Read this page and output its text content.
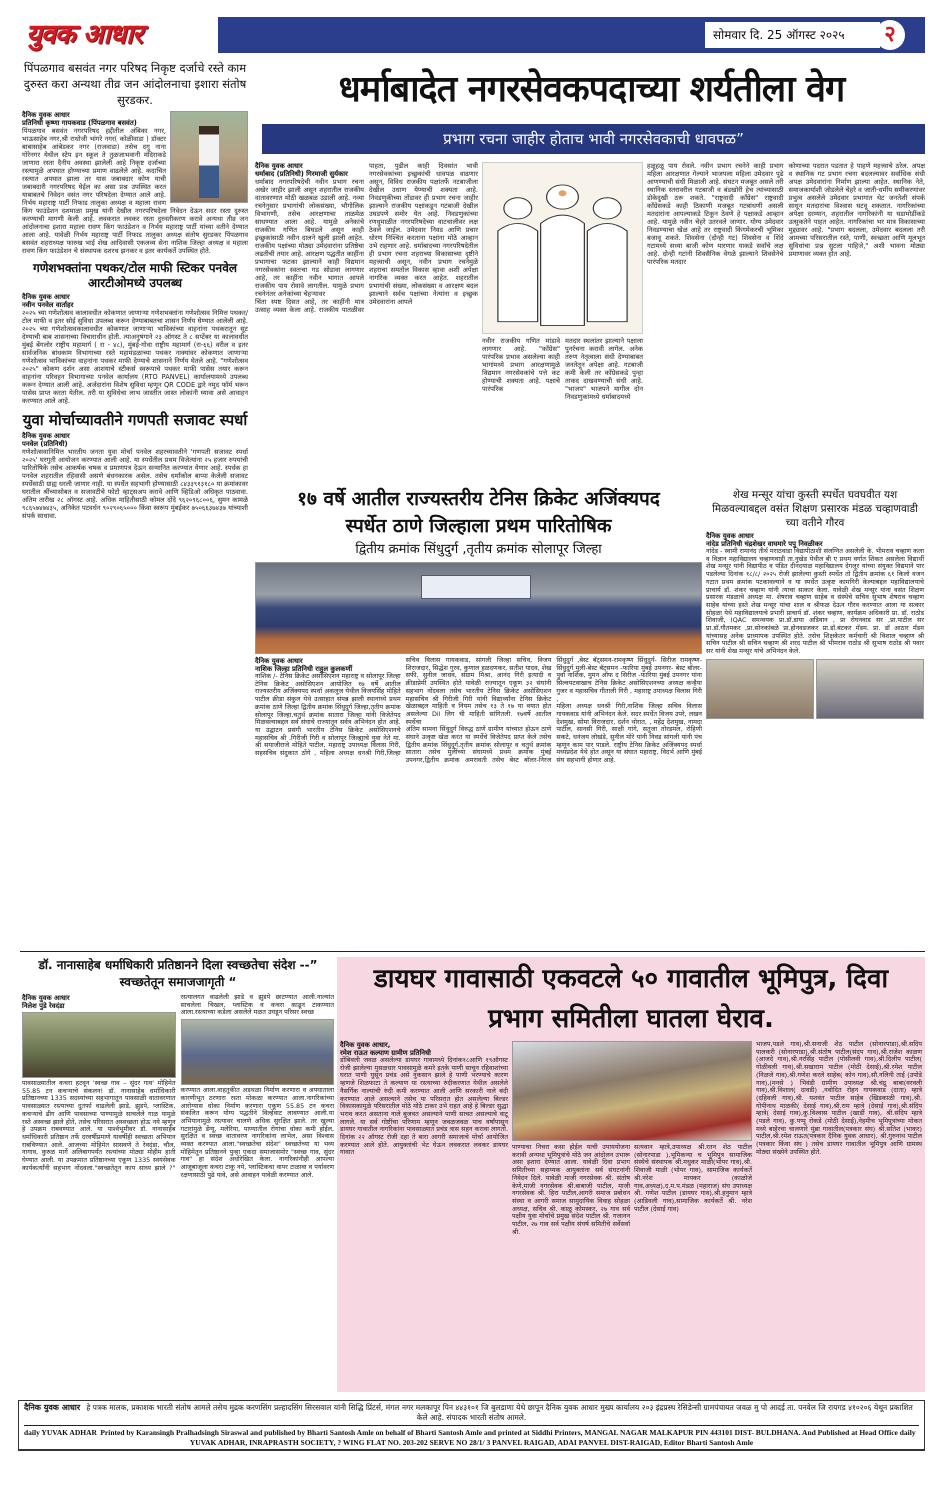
युवक आधार	सोमवार दि. 25 ऑगस्ट २०२५	२
पिंपळगाव बसवंत नगर परिषद निकृष्ट दर्जाचे रस्ते काम दुरुस्त करा अन्यथा तीव्र जन आंदोलनाचा इशारा संतोष सुरडकर.
दैनिक युवक आधार
प्रतिनिधी कृष्णा गायकवाड (पिंपळगाव बसवंत)
पिंपळगाव बसवंत नगरपरिषद हद्दीतील अंबिका नगर, भाऊसाहेब नगर,श्री राधोजी भांगरे नगर( कोळीवाडा ) डॉक्टर बाबासाहेब आंबेडकर नगर (राजवाडा) तसेच दगु नाना गोरेनगर येथील स्टेप इन स्कूल ते तुळजाभवानी मंदिराकडे जाणारा रस्ता दैनीय अवस्था झालेली आहे निकृष्ट दर्जाच्या रस्त्यामुळे अपघात होण्याच्या प्रमाण वाढलेले आहे. कदाचित रस्त्यात अपघात झाला तर यास जबाबदार कोण याची जबाबदारी नगरपरिषद घेईल का असा प्रश्न उपस्थित करत याबाबतचे निवेदन वसंत नगर परिषदेला देण्यात आले आहे. निर्भय महाराष्ट्र पार्टी निफाड तालुका अध्यक्ष व महाला रावण किंग फाउंडेशन दशमाळा प्रमुख यांनी देखील नगरपरिषदेला निवेदन देऊन सदर रस्ता दुरुस्त करण्याची मागणी केली आहे. लवकरात लवकर रस्ता दुरुस्तीकरण करावे अन्यथा तीव्र जन आंदोलनाचा इशारा महाला रावण किंग फाउंडेशन व निर्भय महाराष्ट्र पार्टी यांच्या वतीने देण्यात आला आहे. यावेळी निर्भय महाराष्ट्र पार्टी निफाड तालुका अध्यक्ष संतोष सुरडकर पिंपळगाव बसवंत शहराध्यक्ष फारुख भाई शेख आदिवासी एकलव्य सेना नाशिक जिल्हा अध्यक्ष व महाला रावण किंग फाउंडेशन चे संस्थापक दशरथ झनकर व इतर कार्यकर्ते उपस्थित होते.
गणेशभक्तांना पथकर/टोल माफी स्टिकर पनवेल आरटीओमध्ये उपलब्ध
दैनिक युवक आधार
नवीन पनवेल वार्ताहर
२०२५ च्या गणेशोत्सव कालावधीत कोकणात जाणाऱ्या गणेशभक्तांना गणेशोत्सव निमित्त पथकर/टोल माफी व इतर सोई सुविधा उपलब्ध करून देण्याबाबतचा शासन निर्णय घेण्यात आलेली आहे. २०२५ च्या गणेशोत्सवकालावधीत कोकणात जाणाऱ्या भाविकांच्या वाहनांना पथकरातून सूट देण्याची बाब शासनाच्या विचाराधीन होती. त्याअनुषंगाने २३ ऑगस्ट ते ८ सप्टेंबर या कालावधीत मुंबई बेंगलोर राष्ट्रीय महामार्ग ( रा - ४८), मुंबई-गोवा राष्ट्रीय महामार्ग (रा-६६) वरील व इतर सार्वजनिक बांधकाम विभागाच्या रस्ते महामंडळाच्या पथकर नाक्यांवर कोकणात जाणाऱ्या गणेशोत्सव भाविकांच्या वाहनांना पथकर माफी देण्याचे शासनाने निर्णय घेतले आहे. "गणेशोत्सव २०२५" कोकण दर्शन असा आशयाचे स्टीकर्स स्वरूपाचे पथकर माफी पासेस तयार करून वाहनांना परिवहन विभागाच्या पनवेल कार्यालय (RTO PANVEL) कार्यालयामध्ये उपलब्ध करून देण्यात आली आहे. अर्जदारांना विशेष सुविधा म्हणून QR CODE द्वारे नमुद फॉर्म भरून पासेस प्राप्त करता येतील. तरी या सुविधेचा लाभ जास्तीत जास्त लोकांनी घ्यावा असे आवाहन करण्यात आले आहे.
युवा मोर्चाच्यावतीने गणपती सजावट स्पर्धा
दैनिक युवक आधार
पनवेल (प्रतिनिधी)
गणेशोत्सवानिमित्त भारतीय जनता युवा मोर्चा पनवेल शहरच्यावतीने 'गणपती सजावट स्पर्धा २०२५' घरगुती आयोजन करण्यात आली आहे. या स्पर्धेतील प्रथम विजेत्यांना २५ हजार रुपयांची पारितोषिके तसेच आकर्षक चषक व प्रमाणपत्र देऊन सन्मानित करण्यात येणार आहे. स्पर्धक हा पनवेल शहरातील रहिवासी असणे बंधनकारक असेल. तसेच धर्मांकोल बाप्पा केलेली सजावट स्पर्धेसाठी ग्राह्य धरली जाणार नाही. या स्पर्धेत सहभागी होण्यासाठी ८४३३९१३१८० या क्रमांकावर घरातील श्रींच्यासोबत व सजावटीचे फोटो व्हाट्सअप करावे आणि व्हिडिओ अधिकृत पाठवावा. अंतिम तारीख २८ ऑगस्ट आहे. अधिक माहितीसाठी कोमल दोंदे ९६२०९६८००६, सुमन कामळे ९८६५७४७४३५, अनिकेत पटवर्धन ९०२९०६५००० किंवा स्वरूप मुंबईकर ७५०६६३७४३७ यांच्याशी संपर्क साधावा.
धर्माबादेत नगरसेवकपदाच्या शर्यतीला वेग
प्रभाग रचना जाहीर होताच भावी नगरसेवकाची धावपळ”
दैनिक युवक आधार
धर्माबाद (प्रतिनिधी) गिरमाजी सुर्यकार
धर्माबाद नगरपरिषदेची नवीन प्रभाग रचना अखेर जाहीर झाली असून शहरातील राजकीय वातावरणात मोठी खळबळ उडाली आहे. नव्या रचनेनुसार प्रभागांची लोकसंख्या, भौगोलिक विभागणी, तसेच आरक्षणाचा ताळमेळ साधण्यात आला आहे. यामुळे अनेकांचे राजकीय गणित बिघडले असून काही इच्छुकांसाठी नवीन दालने खुली झाली आहेत. राजकीय पक्षांच्या मोठ्या उमेदवारांना प्रतिष्ठेचा लढतीची तयार आहे. आरक्षण पद्धतीत काहींना प्रभागाचा फटका झाल्याने काही विद्यमान नगरसेवकांना स्वतःचा गड सोडावा लागणार आहे, तर काहींना नवीन भागात आपले राजकीय पाय रोवावे लागतील. यामुळे प्रभाग रचनेनंतर अनेकांच्या चेहऱ्यावर
चिंता स्पष्ट दिसत आहे, तर काहींनी मात्र उत्साह व्यक्त केला आहे. राजकीय पातळीवर पाहता, पुढील काही दिवसांत भावी नगरसेवकांच्या इच्छुकांची धावपळ वाढणार असून, विविध राजकीय पक्षांतर्फे नटबाजीला देखील उधाण येण्याची शक्यता आहे. निवडणुकीच्या तोंडावर ही प्रभाग रचना जाहीर झाल्याने राजकीय पक्षांकडून गटबाजी देखील उघडपणे समोर येत आहे. निवडणुकांच्या रणधुमाळीत नगरपरिषदेच्या वाटचालीवर लक्ष ठेवले जाईल. उमेदवार निवड आणि प्रचार धोरण निश्चित करताना पक्षांना मोठे आव्हान उभे राहणार आहे. धर्माबादच्या नगरपरिषदेतील ही प्रभाग रचना शहराच्या विकासाच्या दृष्टीने महत्त्वाची असून, नवीन प्रभाग रचनेमुळे शहराचा समतोल विकास व्हावा अशी अपेक्षा नागरिक व्यक्त करत आहेत. शहरातील प्रभागांची संख्या, लोकसंख्या व आरक्षण बदल झाल्याने सर्वच पक्षांच्या नेत्यांना व इच्छुक उमेदवारांना आपले
नवीन राजकीय गणित मांडावे लागणार आहे. "कॉंग्रेस" पारंपरिक प्रभाव असलेल्या काही भागांमध्ये प्रभाग आरक्षणामुळे विद्यमान नगरसेवकांचे पत्ते कट होण्याची शक्यता आहे. पक्षाचे पारंपरिक
मतदार स्थलांतर झाल्याने पक्षाला पुनर्रचना करावी लागेल. अनेक तरुण नेतृत्वाला संधी देण्याबाबत जनतेतून अपेक्षा आहे. गटबाजी कमी केली तर कॉंग्रेसकडे पुन्हा ताकद दाखवण्याची संधी आहे. "भाजप" भाजपने मागील दोन निवडणुकांमध्ये धर्माबादमध्ये
हळूहळू पाय रोवले. नवीन प्रभाग रचनेने काही प्रभाग महिला आरक्षणात गेल्याने भाजपला महिला उमेदवार पुढे आणण्याची संधी मिळाली आहे. संघटन मजबूत असले तरी स्थानिक स्तरावरील गटबाजी व बंडखोरी हेच त्यांच्यासाठी डोकेदुखी ठरू शकते. "राष्ट्रवादी कॉंग्रेस" राष्ट्रवादी काँग्रेसकडे काही ठिकाणी मजबूत गटबांधणी असली मतदारांना आपल्याकडे टिकून ठेवणे हे पक्षाकडे आव्हान आहे. यामुळे नवीन चेहरे उतरवले जाणार. योग्य उमेदवार निवडण्याचा खेळ आहे तर राष्ट्रवादी किंगमेकरची भूमिका बजावू शकते. शिवसेना (दोन्ही गट) शिवसेना व शिंदे गटामध्ये सध्या बाजी कोण मारणार याकडे सर्वांचे लक्ष आहे. दोन्ही गटांनी शिवसैनिक वेगळे झाल्याने शिवसेनेचे पारंपरिक मतदार
कोणाच्या पदरात पडतात हे पाहणे महत्त्वाचे ठरेल. अपक्ष व स्थानिक गट प्रभाग रचना बदलल्यावर सर्वाधिक संधी अपक्ष उमेदवारांना निर्माण झाल्या आहेत. स्थानिक नेते, समाजकार्याशी जोडलेले चेहरे व जाती-धर्मीय समीकरणांवर प्रभुत्व असलेले उमेदवार प्रभागात थेट जनतेशी संपर्क साधून मतदारांचा विश्वास घटवू शकतात. नागरिकांच्या अपेक्षा दरम्यान, शहरातील नागरिकांनी या घडामोडींकडे उत्सुकतेने पाहत आहेत. नागरिकांचा भर मात्र विकासाच्या मुद्द्यावर आहे. "प्रभाग बदलला, उमेदवार बदलला तरी आमच्या परिसरातील रस्ते, पाणी, स्वच्छता आणि मूलभूत सुविधांचा प्रश्न सुटला पाहिजे," अशी भावना मोठ्या प्रमाणावर व्यक्त होत आहे.
१७ वर्षे आतील राज्यस्तरीय टेनिस क्रिकेट अजिंक्यपद
स्पर्धेत ठाणे जिल्हाला प्रथम पारितोषिक
द्वितीय क्रमांक सिंधुदुर्ग ,तृतीय क्रमांक सोलापूर जिल्हा
दैनिक युवक आधार
नाशिक जिल्हा प्रतिनिधी राहुल कुलकर्णी
नाशिक /- टेनिस क्रिकेट असोसिएशन महाराष्ट्र व सोलापूर जिल्हा टेनिस क्रिकेट असोसिएशन आयोजित १७ वर्षे आतील राज्यस्तरीय अजिंक्यपद स्पर्धा अकलूज येथील विजयसिंह मोहिते पाटील क्रीडा संकुल येथे उत्साहात संपन्न झाली स्थानाध्ये प्रथम क्रमांक ठाणे जिल्हा द्वितीय क्रमांक सिंधुदुर्ग जिल्हा,तृतीय क्रमांक सोलापूर जिल्हा,चतुर्थ क्रमांक सातारा जिल्हा यांनी विजेतेपद मिळवल्याबद्दल सर्व संघाचे राज्यातून सर्वत्र अभिनंदन होत आहे. या उद्घाटन प्रसंगी भारतीय टेनिस क्रिकेट असोसिएशनचे महासचिव श्री .गिरीजी गिरी व सोलापूर जिल्ह्याचे युवा नेते मा. श्री सयाजीराजे मोहिते पाटील, महाराष्ट्र उपाध्यक्ष विलास गिरी, सहसचिव संदुकात ठोंगे , महिला अध्यक्ष धनश्री गिरी,जिल्हा सचिव विलास गायकवाड, सांगली जिल्हा सचिव, विजय शिराजदार, सिद्धेश गुरव, कुणाल हळदणकर, सतीश यादव, शेख सफी, सुनील जाधव, संग्राम मिश्रा, आनंद गिरी इत्यादी व क्रीडाप्रेमी उपस्थित होते यावेळी राज्यातून एकूण ३२ संघांनी सहभाग नोंदवला तसेच भारतीय टेनिस क्रिकेट असोसिएशन महासचिव श्री गिरीजी गिरी यांनी विद्यार्थ्यांना टेनिस क्रिकेट खेळाबद्दल माहिती व नियम तसेच १३ ते १७ या वयात होत असलेल्या Dil लिग ची माहिती सांगितली. १७वर्षे आतील स्पर्धेचा
अंतिम सामना सिंधुदुर्ग विरुद्ध ठाणे ग्रामीण यांच्यात होऊन ठाणे संघाने उत्कृष्ट खेळ करत या स्पर्धेचे विजेतेपद प्राप्त केले तसेच द्वितीय क्रमांक सिंधुदुर्ग,तृतीय क्रमांक सोलापूर व चतुर्थ क्रमांक सातारा तसेच मुलींच्या संघामध्ये प्रथम क्रमांक मुंबई उपनगर,द्वितीय क्रमांक अमरावती तसेच बेस्ट बॉलर-निरज सिंधुदुर्ग ,बेस्ट बॅट्समन-रामकृष्ण सिंधुदुर्ग- सिरीज रामकृष्ण- सिंधुदुर्ग मुली-बेस्ट बॅट्समन -फारिया मुंबई उपनगर- बेस्ट बॉलर-पुर्वा नाशिक, मुमन ऑफ द सिरीज -फारिया मुंबई उपनगर यांना सिल्वपटवाखाच टेनिस क्रिकेट असोसिएशनच्या अध्यक्ष कन्हैया गुजर व महासचिव गीताली गिरी , महाराष्ट्र उपाध्यक्ष विलास गिरी ,
महिला अध्यक्ष धनश्री गिरी,नाशिक जिल्हा सचिव विलास गायकवाड यांनी अभिनंदन केले. सदर स्पर्धेत विजय उपरे, लखन देशमुख, सोमा विराजदार, दर्शन थोरात, , महेंद्र देशमुख, नामदा पाटील, सानसी गिरी, साक्षी गांगे, सतुजा तोरडमल, रोहिणी सकटे, धनंजय लोखंडे, सुनील मोरे यांनी निवड सांगली यांनी पंच म्हणून काम पार पाडले. राष्ट्रीय टेनिस क्रिकेट अजिंक्यपद स्पर्धा मध्यप्रदेश येथे होत असून या संघात महाराष्ट्र, विदर्भ आणि मुंबई संघ सहभागी होणार आहे.
शेख मन्सूर यांचा कुस्ती स्पर्धेत घवघवीत यश मिळवल्याबद्दल वसंत शिक्षण प्रसारक मंडळ चव्हाणवाडी च्या वतीने गौरव
दैनिक युवक आधार
नांदेड प्रतिनिधी चंद्रशेखर वाघमारे पपु निवळीकर
नांदेड - स्वामी रामानंद तीर्थ मराठवाडा विद्यापीठाशी संलग्नित असलेली के. भीमराव चव्हाण कला व विज्ञान महाविद्यालय चव्हाणवाडी ता.नुखेड येथील बी ए प्रथम वर्गात शिकत असलेला विद्यार्थी शेख मन्सूर यांनी विद्यापीठ व पंडित दीनदयाळ महाविद्यालय देगलूर यांच्या संयुक्त विद्यमाने पार पडलेल्या दिनांक १८/८/ २०२५ रोजी झालेल्या कुस्ती स्पर्धेत तो द्वितीय क्रमांक ६१ किलो वजन गटात प्रथम क्रमांक पटकावल्याने व या स्पर्धेत उत्कृष्ट कामगिरी केल्याबद्दल महाविद्यालयाचे प्राचार्य डॉ. शंकर चव्हाण यांनी त्याचा सत्कार केला. यावेळी शेख मन्सूर यांना वसंत शिक्षण प्रसारक मंडळाचे अध्यक्ष मा. शेषराव चव्हाण साहेब व संस्थेचे सचिव सुभाष शेषराव चव्हाण साहेब यांच्या हस्ते शेख मन्सूर यांचा शाल व श्रीफळ देऊन गौरव करण्यात आला या सत्कार सोहळा येथे महाविद्यालयाचे प्रभारी प्राचार्य डॉ. शंकर चव्हाण, कार्यक्रम अधिकारी प्रा. डॉ. राठोड शिवाजी, IQAC समन्वयक प्रा.डॉ.डाया अडिवान , प्रा रोघनवाड सर ,प्रा.पाटील सर प्रा.डॉ.गौतमकर ,प्रा.सोनकांबळे प्रा.होनवडजकर प्रा.डॉ.बंटकर मॅडम. प्रा. डॉ आठार मॅडम यांच्यासह अनेक प्राध्यापक उपस्थित होते. तसेच शिक्षकेतर कर्मचारी श्री विशाल चव्हाण श्री सचिन पाटील श्री सचिन चव्हाण श्री शरद पाटील श्री भीमराव राठोड श्री सुभाष राठोड श्री पवार सर यांनी शेख मन्सूर यांचे अभिनंदन केले.
डॉ. नानासाहेब धर्माधिकारी प्रतिष्ठानने दिला स्वच्छतेचा संदेश --” स्वच्छतेतून समाजजागृती “
दैनिक युवक आधार
निलेश पुंडे रेवदंडा
पावसाळ्यातील कचरा हटवून 'स्वच्छ गाव – सुंदर गाव' मोहिमेत 55.85 टन कचऱ्याचे संकलन! डॉ. नानासाहेब धर्माधिकारी प्रतिष्ठानच्या 1335 सदस्यांच्या सहभागातून पावसाळी वातावरणात पावसाळ्यात रस्त्याच्या दुतर्फा वाढलेली झाडे, झुडपे, प्लास्टिक, कचऱ्याचे ढीग आणि पावसाच्या पाण्यामुळे साचलेले गाळ यामुळे रस्ते अस्वच्छ झाले होते, तसेच परिसरात अस्वच्छता होऊ नये म्हणून हे उपक्रम राबवण्यात आले. या पार्श्वभूमीवर डॉ. नानासाहेब धर्माधिकारी प्रतिष्ठान तर्फे दरवर्षीप्रमाणे यावर्षीही स्वच्छता अभियान राबविण्यात आले. आजच्या मोहिमेत सासवणे ते रेवदंडा, चौल, नागाव, कुरुळ मार्गे अलिबागपर्यंत रस्त्यांच्या मोठ्या मोहीम हाती घेण्यात आली. या उपक्रमात प्रतिष्ठानच्या एकूण 1335 स्वयंसेवक कार्यकर्त्यांनी सहभाग नोंदवला."स्वच्छतेतून काय साध्य झाले ?" रस्त्यालगत वाढलेली झाडे व झुडपे छाटण्यात आली.नाल्यांत साचलेला चिखल, प्लास्टिक व कचरा काढून टाकण्यात आला.रस्त्याच्या कडेला असलेले मळत उघडून परिसर स्वच्छ
करण्यात आला.वाहतुकीत अडथळा निर्माण करणारा व अपघाताला कारणीभूत ठरणारा रस्ता मोकळा करण्यात आला.नागरिकांच्या आरोग्यास धोका निर्माण करणारा एकूण 55.85 टन कचरा संकलित करून योग्य पद्धतीने विल्हेवाट लावण्यात आली.या अभियानामुळे रस्त्यावर चालणे अधिक सुरक्षित झाले. तर खुल्या गटारांमुळे डेंग्यू, मलेरिया, पाण्यातील रोगांचा धोका कमी होईल, सुरक्षित व स्वच्छ वातावरण नागरिकांना लाभेल, असा विश्वास व्यक्त करण्यात आला."स्वच्छतेचा संदेश" स्वच्छतेच्या या भव्य मोहिमेतून प्रतिष्ठानने पुन्हा एकदा समाजासमोर "स्वच्छ गाव, सुंदर गाव" हा संदेश अधोरेखित केला. नागरिकांनीही आपल्या आजूबाजूला कचरा टाकू नये, प्लास्टिकचा वापर टाळावा व पर्यावरण रक्षणासाठी पुढे यावे, असे आवाहन यावेळी करण्यात आले.
डायघर गावासाठी एकवटले ५० गावातील भूमिपुत्र, दिवा प्रभाग समितीला घातला घेराव.
दैनिक युवक आधार,
रमेश राऊत कल्याण ग्रामीण प्रतिनिधी
डोंबिवली जवळ असलेल्या डायघर गावामध्ये दिनांक१८आणि १९ऑगस्ट रोजी झालेल्या मुसळधार पावसामुळे कमरे इतके पाणी साचून रहिवाशांच्या घरात पाणी घुसून प्रचंड असे नुकसान झाले हे पाणी भरण्याचे कारण म्हणजे शिळफाटा ते कल्याण या रस्त्याच्या रुंदीकरणात येथील असलेले नैसर्गिक नाल्यांची रुंदी कमी करण्यात आली आणि सरकारी नाले बंदी करण्यात आले असल्याने तसेच या परिसरात होत असलेल्या बिल्डर विकासकामुळे परिसरातील मोठे मोठे टाकर उभे राहत आहे हे बिल्डर सुद्धा भराव करत असताना नाले बुजवत असल्याने पाणी साचत असल्याचे वाटू लागले. या सर्व गोष्टींचा परिणाम म्हणून जवळजवळ पाच वर्षांपासून डायघर गावातील नागरिकांना पावसाळ्यात प्रचंड त्रास सहन करावा लागतो. दिनांक २२ ऑगस्ट रोजी दहा ते बारा आगरी समाजाचे मोर्चा आयोजित करण्यात आले होते. आयुक्तांची भेट घेऊन लवकरात लवकर डायघर गावात
पाण्याचा निचरा कसा होईल याची उपाययोजना करावी अन्यथा भूमिपुत्रांचे मोठे जन आंदोलन उभारू असा इशारा देण्यात आला. यावेळी दिवा प्रभाग समितीच्या सहाय्यक आयुक्तांना सर्व संघटनांनी निवेदन दिले. यावेळी माजी नगरसेवक श्री. संतोष केणे,माजी नगरसेवक श्री.बाबाजी पाटील, माजी नगरसेवक श्री. हिरा पाटील,आगरी समाज प्रबोधन संस्था व आगरी समाज सामुदायिक विवाह सोहळा अध्यक्ष, सचिव श्री. काळू कोमस्कर, २७ गाव सर्व पक्षीय युवा मोर्चाचे प्रमुख संदेश पाटील श्री. गजानन पाटील, २७ गाव सर्व पक्षीय संघर्ष समितीचे सर्वेसर्वा श्री.
सत्यवान म्हात्रे,उपाध्यक्ष श्री.रतन शेठ पाटील (सोनारपाडा ),भूमिकन्या च भूमिपुत्र सामाजिक संस्थेचे संस्थापक श्री.मधुकर माळी(भोपर गाव),श्री. शिवाजी माळी (भोपर गाव), सामाजिक कार्यकर्ते श्री.नरेश मायकर (काळोजे गाव,अध्यक्ष),द.म.प.मंडळ (महाराज) संघ उपाध्यक्ष श्री. गणेश पाटील (डायघर गाव),श्री.हनुमान म्हात्रे (आडिवली गाव),सामाजिक कार्यकर्ते श्री. नरेश पाटील (देसाई गाव)
भाजप,पडले गाव),श्री.सनाजी शेठ पाटील (सोनारपाडा),श्री.सदिप पालकरी (सोनारपाडा),श्री.संतोष पाटील(संदप गाव),श्री.राजेश काळण (आजदे गाव),श्री.नरसिंह पाटील (पोसीलवी गाव),श्री.दिलीप पाटील( गोळीवली गाव),श्री.सखाराम पाटील (मोठी देसाई),श्री.रमेश पाटील (निळजे गाव),श्री.गणेश करले साहेब( कोन गाव),सौ.नलिनी ताई (उपोडे गाव),(मनसे ) भिवंडी ग्रामीण उपाध्यक्ष श्री.चंद्रु बाबा(वरवली गाव),श्री.विशाल( दावडी) ,नवोदित रोहन गायकवाड (दाता) म्हात्रे (दहिवली गाव),श्री. यशवंत पाटील साहेब (खिडकाळी गाव),श्री. गोपीनाथ माळकी( देसाई गाव),श्री.राम म्हात्रे (देसाई गाव),श्री.संदिप म्हात्रे( देसाई गाव),कु.विश्वास पाटील (खार्डी गाव), श्री.संदिप म्हात्रे (पडले गाव), कु.पप्पू रोकडे (मोठी देसाई),नेहमीच भूमिपुत्रांच्या मोकत मध्ये बाहेरचा चालणारे मुंब्रा गावातील(पत्रकार संघ) श्री.सतिश (भाकर) पाटील,श्री.रमेश राऊत(पत्रकार दैनिक युवक आधार), श्री.गुरुनाथ पाटील (पत्रकार किंवा संघ ) तसेच डायघर गावातील भूमिपुत्र आणि ग्रामस्थ मोठ्या संख्येने उपस्थित होते.
दैनिक युवक आधार हे पत्रक मालक, प्रकाशक भारती संतोष आमले तसेच मुद्रक करणसिंग प्रल्हादसिंग सिरसवाल यांनी सिद्धि प्रिंटर्स, मंगल नगर मलकापूर पिन ४४३१०१ जि बुलडाणा येथे छापून दैनिक युवक आधार मुख्य कार्यालय २०३ इंद्रप्रस्थ रेसिडेन्सी ग्रामपंचायत जवळ मु पो आदई ता. पनवेल जि रायगड ४१०२०६ येथून प्रकाशित केले आहे. संपादक भारती संतोष आमले.
daily YUVAK ADHAR Printed by Karansingh Pralhadsingh Siraswal and published by Bharti Santosh Amle on behalf of Bharti Santosh Amle and printed at Siddhi Printers, MANGAL NAGAR MALKAPUR PIN 443101 DIST- BULDHANA. And Published at Head Office daily YUVAK ADHAR, INRAPRASTH SOCIETY, ? WING FLAT NO. 203-202 SERVE NO 28/1/ 3 PANVEL RAIGAD, ADAI PANVEL DIST-RAIGAD, Editor Bharti Santosh Amle
